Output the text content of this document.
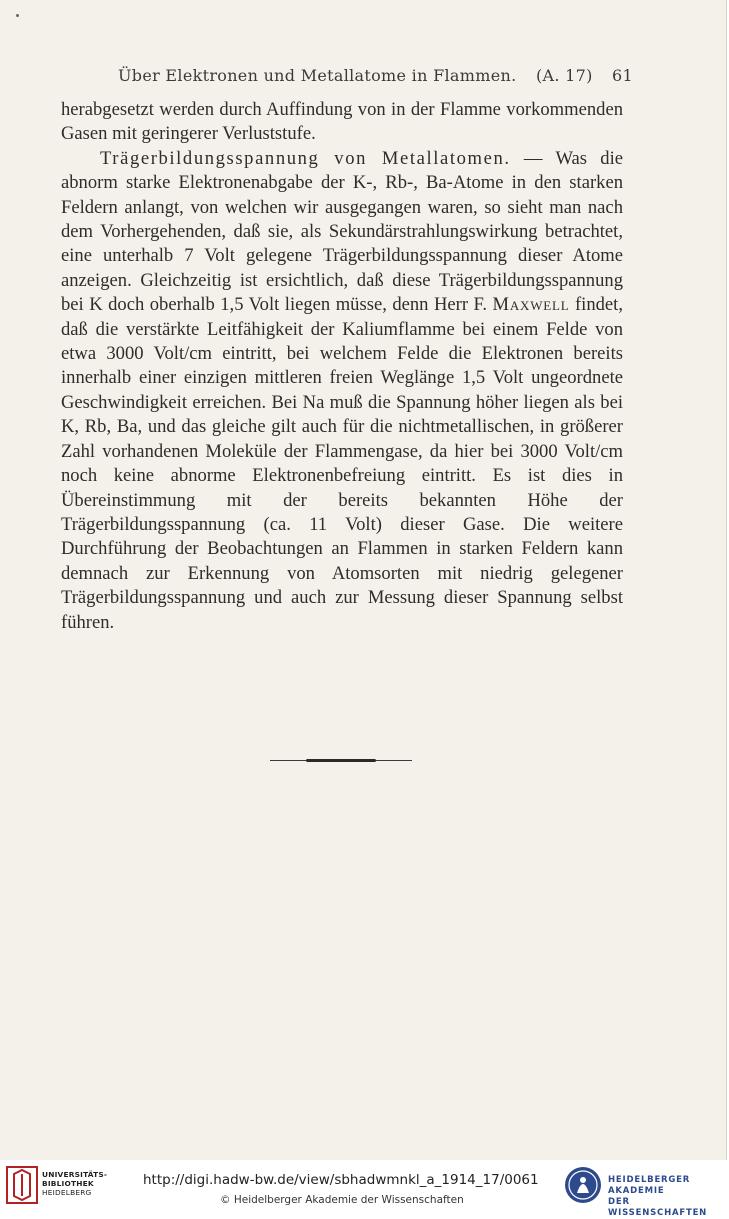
Über Elektronen und Metallatome in Flammen. (A. 17) 61

herabgesetzt werden durch Auffindung von in der Flamme vorkommenden Gasen mit geringerer Verluststufe.

Trägerbildungsspannung von Metallatomen. — Was die abnorm starke Elektronenabgabe der K-, Rb-, Ba-Atome in den starken Feldern anlangt, von welchen wir ausgegangen waren, so sieht man nach dem Vorhergehenden, daß sie, als Sekundärstrahlungswirkung betrachtet, eine unterhalb 7 Volt gelegene Trägerbildungsspannung dieser Atome anzeigen. Gleichzeitig ist ersichtlich, daß diese Trägerbildungsspannung bei K doch oberhalb 1,5 Volt liegen müsse, denn Herr F. Maxwell findet, daß die verstärkte Leitfähigkeit der Kaliumflamme bei einem Felde von etwa 3000 Volt/cm eintritt, bei welchem Felde die Elektronen bereits innerhalb einer einzigen mittleren freien Weglänge 1,5 Volt ungeordnete Geschwindigkeit erreichen. Bei Na muß die Spannung höher liegen als bei K, Rb, Ba, und das gleiche gilt auch für die nichtmetallischen, in größerer Zahl vorhandenen Moleküle der Flammengase, da hier bei 3000 Volt/cm noch keine abnorme Elektronenbefreiung eintritt. Es ist dies in Übereinstimmung mit der bereits bekannten Höhe der Trägerbildungsspannung (ca. 11 Volt) dieser Gase. Die weitere Durchführung der Beobachtungen an Flammen in starken Feldern kann demnach zur Erkennung von Atomsorten mit niedrig gelegener Trägerbildungsspannung und auch zur Messung dieser Spannung selbst führen.

UNIVERSITÄTS-
BIBLIOTHEK
HEIDELBERG
http://digi.hadw-bw.de/view/sbhadwmnkl_a_1914_17/0061
© Heidelberger Akademie der Wissenschaften
HEIDELBERGER AKADEMIE
DER WISSENSCHAFTEN
